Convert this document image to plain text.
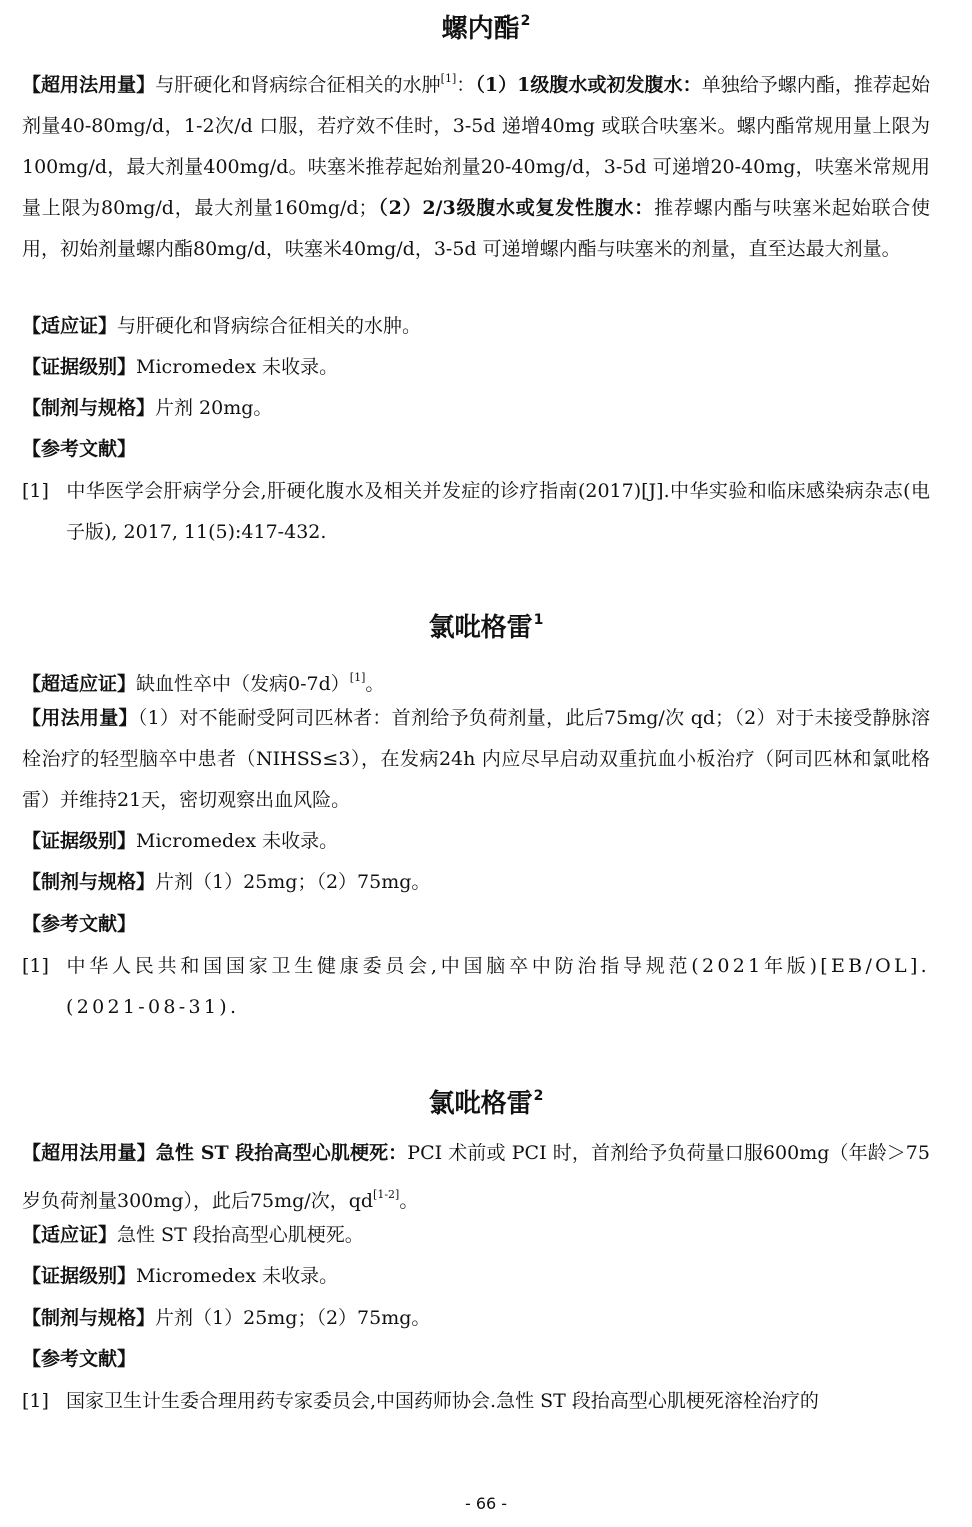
螺内酯$^2$

【超用法用量】与肝硬化和肾病综合征相关的水肿[1]：（1）1级腹水或初发腹水：单独给予螺内酯，推荐起始剂量40-80mg/d，1-2次/d 口服，若疗效不佳时，3-5d 递增40mg 或联合呋塞米。螺内酯常规用量上限为100mg/d，最大剂量400mg/d。呋塞米推荐起始剂量20-40mg/d，3-5d 可递增20-40mg，呋塞米常规用量上限为80mg/d，最大剂量160mg/d；（2）2/3级腹水或复发性腹水：推荐螺内酯与呋塞米起始联合使用，初始剂量螺内酯80mg/d，呋塞米40mg/d，3-5d 可递增螺内酯与呋塞米的剂量，直至达最大剂量。

【适应证】与肝硬化和肾病综合征相关的水肿。

【证据级别】Micromedex 未收录。

【制剂与规格】片剂 20mg。

【参考文献】

[1] 中华医学会肝病学分会,肝硬化腹水及相关并发症的诊疗指南(2017)[J].中华实验和临床感染病杂志(电子版), 2017, 11(5):417-432.

氯吡格雷$^1$

【超适应证】缺血性卒中（发病0-7d）[1]。

【用法用量】（1）对不能耐受阿司匹林者：首剂给予负荷剂量，此后75mg/次 qd；（2）对于未接受静脉溶栓治疗的轻型脑卒中患者（NIHSS≤3），在发病24h 内应尽早启动双重抗血小板治疗（阿司匹林和氯吡格雷）并维持21天，密切观察出血风险。

【证据级别】Micromedex 未收录。

【制剂与规格】片剂（1）25mg；（2）75mg。

【参考文献】

[1] 中华人民共和国国家卫生健康委员会,中国脑卒中防治指导规范(2021年版)[EB/OL].(2021-08-31).

氯吡格雷$^2$

【超用法用量】急性 ST 段抬高型心肌梗死：PCI 术前或 PCI 时，首剂给予负荷量口服600mg（年龄＞75岁负荷剂量300mg），此后75mg/次，qd[1-2]。

【适应证】急性 ST 段抬高型心肌梗死。

【证据级别】Micromedex 未收录。

【制剂与规格】片剂（1）25mg；（2）75mg。

【参考文献】

[1] 国家卫生计生委合理用药专家委员会,中国药师协会.急性 ST 段抬高型心肌梗死溶栓治疗的

- 66 -
